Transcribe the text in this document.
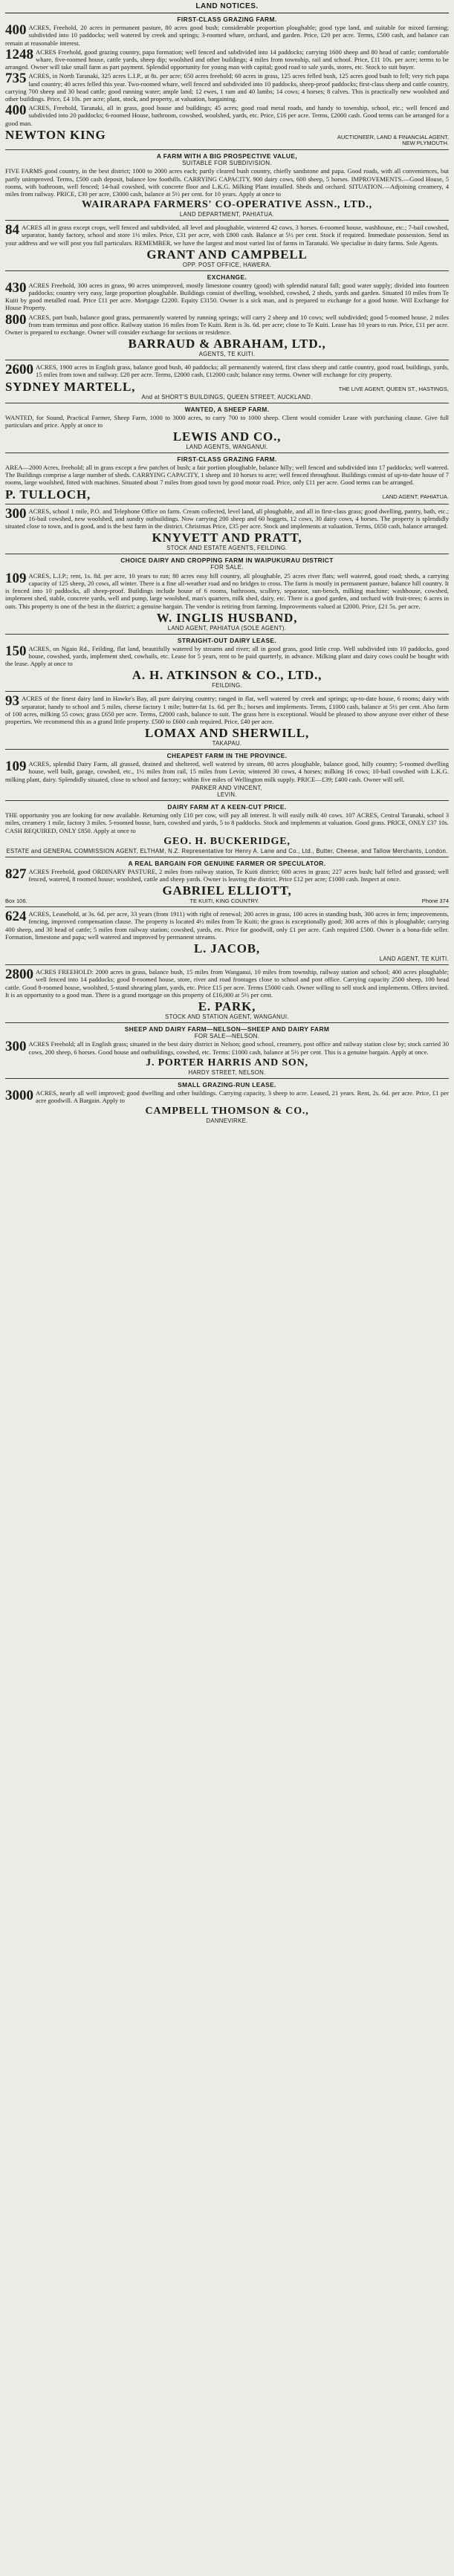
LAND NOTICES.
FIRST-CLASS GRAZING FARM.
400 ACRES, Freehold, 20 acres in permanent pasture, 80 acres good bush; considerable proportion ploughable; good type land, and suitable for mixed farming; subdivided into 10 paddocks; well watered by creek and springs; 3-roomed whare, orchard, and garden. Price, £20 per acre. Terms, £500 cash, and balance can remain at reasonable interest.
1248 ACRES Freehold, good grazing country, papa formation; well fenced and subdivided into 14 paddocks; carrying 1600 sheep and 80 head of cattle; comfortable whare, five-roomed house, cattle yards, sheep dip; woolshed and other buildings; 4 miles from township, rail and school. Price, £11 10s. per acre; terms to be arranged. Owner will take small farm as part payment. Splendid opportunity for young man with capital; good road to sale yards, stores, etc. Stock to suit buyer.
735 ACRES, in North Taranaki, 325 acres L.I.P., at 8s. per acre; 650 acres freehold; 60 acres in grass, 125 acres felled bush, 125 acres good bush to fell; very rich papa land country; 40 acres felled this year. Two-roomed whare, well fenced and subdivided into 10 paddocks, sheep-proof paddocks; first-class sheep and cattle country, carrying 700 sheep and 30 head cattle; good running water; ample land; 12 ewes, 1 ram and 40 lambs; 14 cows; 4 horses; 8 calves. This is practically new woolshed and other buildings. Price, £4 10s. per acre; plant, stock, and property, at valuation, bargaining.
400 ACRES, Freehold, Taranaki, all in grass, good house and buildings; 45 acres; good road metal roads, and handy to township, school, etc.; well fenced and subdivided into 20 paddocks; 6-roomed House, bathroom, cowshed, woolshed, yards, etc. Price, £16 per acre. Terms, £2000 cash. Good terms can be arranged for a good man.
NEWTON KING	AUCTIONEER, LAND & FINANCIAL AGENT, NEW PLYMOUTH.
A FARM WITH A BIG PROSPECTIVE VALUE,
SUITABLE FOR SUBDIVISION.
FIVE FARMS good country, in the best district; 1000 to 2000 acres each; partly cleared bush country, chiefly sandstone and papa. Good roads, with all conveniences, but partly unimproved. Terms, £500 cash deposit, balance low foothills. CARRYING CAPACITY, 900 dairy cows, 600 sheep, 5 horses. IMPROVEMENTS.—Good House, 5 rooms, with bathroom, well fenced; 14-bail cowshed, with concrete floor and L.K.G. Milking Plant installed. Sheds and orchard. SITUATION.—Adjoining creamery, 4 miles from railway. PRICE, £30 per acre, £3000 cash, balance at 5½ per cent. for 10 years. Apply at once to
WAIRARAPA FARMERS' CO-OPERATIVE ASSN., LTD.,
LAND DEPARTMENT, PAHIATUA.
84 ACRES all in grass except crops, well fenced and subdivided, all level and ploughable, wintered 42 cows, 3 horses. 6-roomed house, washhouse, etc.; 7-bail cowshed, separator, handy factory, school and store 1½ miles. Price, £31 per acre, with £800 cash. Balance at 5½ per cent. Stock if required. Immediate possession. Send us your address and we will post you full particulars. REMEMBER, we have the largest and most varied list of farms in Taranaki. We specialise in dairy farms. Sole Agents.
GRANT AND CAMPBELL
OPP. POST OFFICE, HAWERA.
EXCHANGE.
430 ACRES Freehold, 300 acres in grass, 90 acres unimproved, mostly limestone country (good) with splendid natural fall; good water supply; divided into fourteen paddocks; country very easy, large proportion ploughable. Buildings consist of dwelling, woolshed, cowshed, 2 sheds, yards and garden. Situated 10 miles from Te Kuiti by good metalled road. Price £11 per acre. Mortgage £2200. Equity £3150. Owner is a sick man, and is prepared to exchange for a good home. Will Exchange for House Property.
800 ACRES, part bush, balance good grass, permanently watered by running springs; will carry 2 sheep and 10 cows; well subdivided; good 5-roomed house, 2 miles from tram terminus and post office. Railway station 16 miles from Te Kuiti. Rent is 3s. 6d. per acre; close to Te Kuiti. Lease has 10 years to run. Price, £11 per acre. Owner is prepared to exchange. Owner will consider exchange for sections or residence.
BARRAUD & ABRAHAM, LTD.,
AGENTS, TE KUITI.
2600 ACRES, 1900 acres in English grass, balance good bush, 40 paddocks; all permanently watered, first class sheep and cattle country, good road, buildings, yards, 15 miles from town and railway. £20 per acre. Terms, £2000 cash, £12000 cash; balance easy terms. Owner will exchange for city property.
SYDNEY MARTELL,	THE LIVE AGENT, QUEEN ST., HASTINGS,
And at SHORT'S BUILDINGS, QUEEN STREET, AUCKLAND.
WANTED, A SHEEP FARM.
WANTED, for Sound, Practical Farmer, Sheep Farm, 1000 to 3000 acres, to carry 700 to 1000 sheep. Client would consider Lease with purchasing clause. Give full particulars and price. Apply at once to
LEWIS AND CO.,
LAND AGENTS, WANGANUI.
FIRST-CLASS GRAZING FARM.
AREA—2000 Acres, freehold; all in grass except a few patches of bush; a fair portion ploughable, balance hilly; well fenced and subdivided into 17 paddocks; well watered. The Buildings comprise a large number of sheds. CARRYING CAPACITY, 1 sheep and 10 horses to acre; well fenced throughout. Buildings consist of up-to-date house of 7 rooms, large woolshed, fitted with machines. Situated about 7 miles from good town by good motor road. Price, only £11 per acre. Good terms can be arranged.
P. TULLOCH,	LAND AGENT, PAHIATUA.
300 ACRES, school 1 mile, P.O. and Telephone Office on farm. Cream collected, level land, all ploughable, and all in first-class grass; good dwelling, pantry, bath, etc.; 16-bail cowshed, new woolshed, and sundry outbuildings. Now carrying 200 sheep and 60 hoggets, 12 cows, 30 dairy cows, 4 horses. The property is splendidly situated close to town, and is good, and is the best farm in the district. Christmas Price, £35 per acre. Stock and implements at valuation. Terms, £650 cash, balance arranged.
KNYVETT AND PRATT,
STOCK AND ESTATE AGENTS, FEILDING.
CHOICE DAIRY AND CROPPING FARM IN WAIPUKURAU DISTRICT
FOR SALE.
109 ACRES, L.I.P.; rent, 1s. 8d. per acre, 10 years to run; 80 acres easy hill country, all ploughable, 25 acres river flats; well watered, good road; sheds, a carrying capacity of 125 sheep, 20 cows, all winter. There is a fine all-weather road and no bridges to cross. The farm is mostly in permanent pasture, balance hill country. It is fenced into 10 paddocks, all sheep-proof. Buildings include house of 6 rooms, bathroom, scullery, separator, sun-bench, milking machine; washhouse, cowshed, implement shed, stable, concrete yards, well and pump, large woolshed, man's quarters, milk shed, dairy, etc. There is a good garden, and orchard with fruit-trees; 6 acres in oats. This property is one of the best in the district; a genuine bargain. The vendor is retiring from farming. Improvements valued at £2000. Price, £21 5s. per acre.
W. INGLIS HUSBAND,
LAND AGENT, PAHIATUA (SOLE AGENT).
STRAIGHT-OUT DAIRY LEASE.
150 ACRES, on Ngaio Rd., Feilding, flat land, beautifully watered by streams and river; all in good grass, good little crop. Well subdivided into 10 paddocks, good house, cowshed, yards, implement shed, cowbails, etc. Lease for 5 years, rent to be paid quarterly, in advance. Milking plant and dairy cows could be bought with the lease. Apply at once to
A. H. ATKINSON & CO., LTD.,
FEILDING.
93 ACRES of the finest dairy land in Hawke's Bay, all pure dairying country; ranged in flat, well watered by creek and springs; up-to-date house, 6 rooms; dairy with separator, handy to school and 5 miles, cheese factory 1 mile; butter-fat 1s. 6d. per lb.; horses and implements. Terms, £1000 cash, balance at 5½ per cent. Also farm of 100 acres, milking 55 cows; grass £650 per acre. Terms, £2000 cash, balance to suit. The grass here is exceptional. Would be pleased to show anyone over either of these properties. We recommend this as a grand little property. £500 to £600 cash required. Price, £40 per acre.
LOMAX AND SHERWILL,
TAKAPAU.
CHEAPEST FARM IN THE PROVINCE.
109 ACRES, splendid Dairy Farm, all grassed, drained and sheltered, well watered by stream, 80 acres ploughable, balance good, hilly country; 5-roomed dwelling house, well built, garage, cowshed, etc., 1½ miles from rail, 15 miles from Levin; wintered 30 cows, 4 horses; milking 16 cows; 10-bail cowshed with L.K.G. milking plant, dairy. Splendidly situated, close to school and factory; within five miles of Wellington milk supply. PRICE—£39; £400 cash. Owner will sell.
PARKER AND VINCENT,
LEVIN.
DAIRY FARM AT A KEEN-CUT PRICE.
THE opportunity you are looking for now available. Returning only £10 per cow, will pay all interest. It will easily milk 40 cows. 107 ACRES, Central Taranaki, school 3 miles, creamery 1 mile, factory 3 miles. 5-roomed house, barn, cowshed and yards, 5 to 8 paddocks. Stock and implements at valuation. Good grass. PRICE, ONLY £37 10s. CASH REQUIRED, ONLY £850. Apply at once to
GEO. H. BUCKERIDGE,
ESTATE and GENERAL COMMISSION AGENT, ELTHAM, N.Z. Representative for Henry A. Lane and Co., Ltd., Butter, Cheese, and Tallow Merchants, London.
A REAL BARGAIN FOR GENUINE FARMER OR SPECULATOR.
827 ACRES Freehold, good ORDINARY PASTURE, 2 miles from railway station, Te Kuiti district; 600 acres in grass; 227 acres bush; half felled and grassed; well fenced, watered, 8 roomed house; woolshed, cattle and sheep yards. Owner is leaving the district. Price £12 per acre; £1000 cash. Inspect at once.
GABRIEL ELLIOTT,
Box 106.	TE KUITI, KING COUNTRY.	Phone 374
624 ACRES, Leasehold, at 3s. 6d. per acre, 33 years (from 1911) with right of renewal; 200 acres in grass, 100 acres in standing bush, 300 acres in fern; improvements, fencing, improved compensation clause. The property is located 4½ miles from Te Kuiti; the grass is exceptionally good; 300 acres of this is ploughable; carrying 400 sheep, and 30 head of cattle; 5 miles from railway station; cowshed, yards, etc. Price for goodwill, only £1 per acre. Cash required £500. Owner is a bona-fide seller. Formation, limestone and papa; well watered and improved by permanent streams.
L. JACOB,
LAND AGENT, TE KUITI.
2800 ACRES FREEHOLD: 2000 acres in grass, balance bush, 15 miles from Wanganui, 10 miles from township, railway station and school; 400 acres ploughable; well fenced into 14 paddocks; good 8-roomed house, store, river and road frontages close to school and post office. Carrying capacity 2500 sheep, 100 head cattle. Good 8-roomed house, woolshed, 5-stand shearing plant, yards, etc. Price £15 per acre. Terms £5000 cash. Owner willing to sell stock and implements. Offers invited. It is an opportunity to a good man. There is a grand mortgage on this property of £16,000 at 5½ per cent.
E. PARK,
STOCK AND STATION AGENT, WANGANUI.
SHEEP AND DAIRY FARM—NELSON—SHEEP AND DAIRY FARM
FOR SALE—NELSON.
300 ACRES Freehold; all in English grass; situated in the best dairy district in Nelson; good school, creamery, post office and railway station close by; stock carried 30 cows, 200 sheep, 6 horses. Good house and outbuildings, cowshed, etc. Terms: £1000 cash, balance at 5½ per cent. This is a genuine bargain. Apply at once.
J. PORTER HARRIS AND SON,
HARDY STREET, NELSON.
SMALL GRAZING-RUN LEASE.
3000 ACRES, nearly all well improved; good dwelling and other buildings. Carrying capacity, 3 sheep to acre. Leased, 21 years. Rent, 2s. 6d. per acre. Price, £1 per acre goodwill. A Bargain. Apply to
CAMPBELL THOMSON & CO.,
DANNEVIRKE.
